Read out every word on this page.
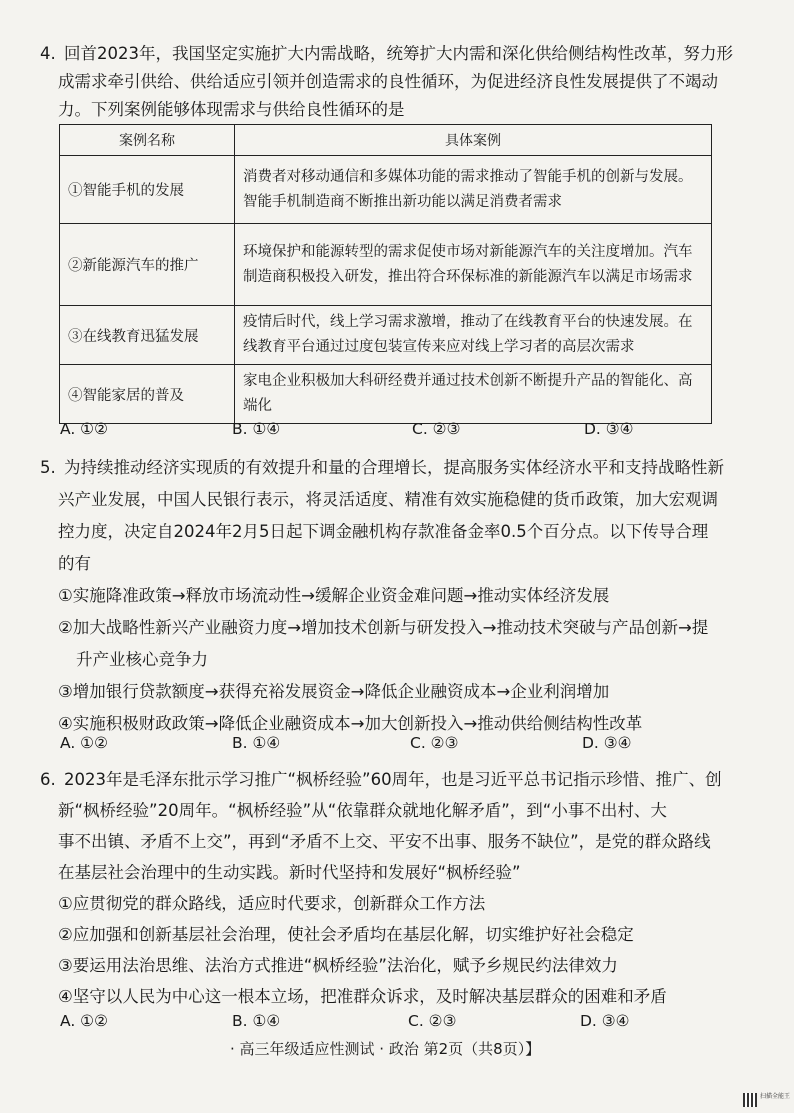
4. 回首2023年，我国坚定实施扩大内需战略，统筹扩大内需和深化供给侧结构性改革，努力形

成需求牵引供给、供给适应引领并创造需求的良性循环，为促进经济良性发展提供了不竭动

力。下列案例能够体现需求与供给良性循环的是

案例名称	具体案例
①智能手机的发展	消费者对移动通信和多媒体功能的需求推动了智能手机的创新与发展。智能手机制造商不断推出新功能以满足消费者需求
②新能源汽车的推广	环境保护和能源转型的需求促使市场对新能源汽车的关注度增加。汽车制造商积极投入研发，推出符合环保标准的新能源汽车以满足市场需求
③在线教育迅猛发展	疫情后时代，线上学习需求激增，推动了在线教育平台的快速发展。在线教育平台通过过度包装宣传来应对线上学习者的高层次需求
④智能家居的普及	家电企业积极加大科研经费并通过技术创新不断提升产品的智能化、高端化
A. ①②	B. ①④	C. ②③	D. ③④

5. 为持续推动经济实现质的有效提升和量的合理增长，提高服务实体经济水平和支持战略性新

兴产业发展，中国人民银行表示，将灵活适度、精准有效实施稳健的货币政策，加大宏观调

控力度，决定自2024年2月5日起下调金融机构存款准备金率0.5个百分点。以下传导合理

的有

①实施降准政策→释放市场流动性→缓解企业资金难问题→推动实体经济发展

②加大战略性新兴产业融资力度→增加技术创新与研发投入→推动技术突破与产品创新→提

升产业核心竞争力

③增加银行贷款额度→获得充裕发展资金→降低企业融资成本→企业利润增加

④实施积极财政政策→降低企业融资成本→加大创新投入→推动供给侧结构性改革

A. ①②	B. ①④	C. ②③	D. ③④

6. 2023年是毛泽东批示学习推广“枫桥经验”60周年，也是习近平总书记指示珍惜、推广、创

新“枫桥经验”20周年。“枫桥经验”从“依靠群众就地化解矛盾”，到“小事不出村、大

事不出镇、矛盾不上交”，再到“矛盾不上交、平安不出事、服务不缺位”，是党的群众路线

在基层社会治理中的生动实践。新时代坚持和发展好“枫桥经验”

①应贯彻党的群众路线，适应时代要求，创新群众工作方法

②应加强和创新基层社会治理，使社会矛盾均在基层化解，切实维护好社会稳定

③要运用法治思维、法治方式推进“枫桥经验”法治化，赋予乡规民约法律效力

④坚守以人民为中心这一根本立场，把准群众诉求，及时解决基层群众的困难和矛盾

A. ①②	B. ①④	C. ②③	D. ③④
· 高三年级适应性测试 · 政治 第2页（共8页）】
扫描全能王
